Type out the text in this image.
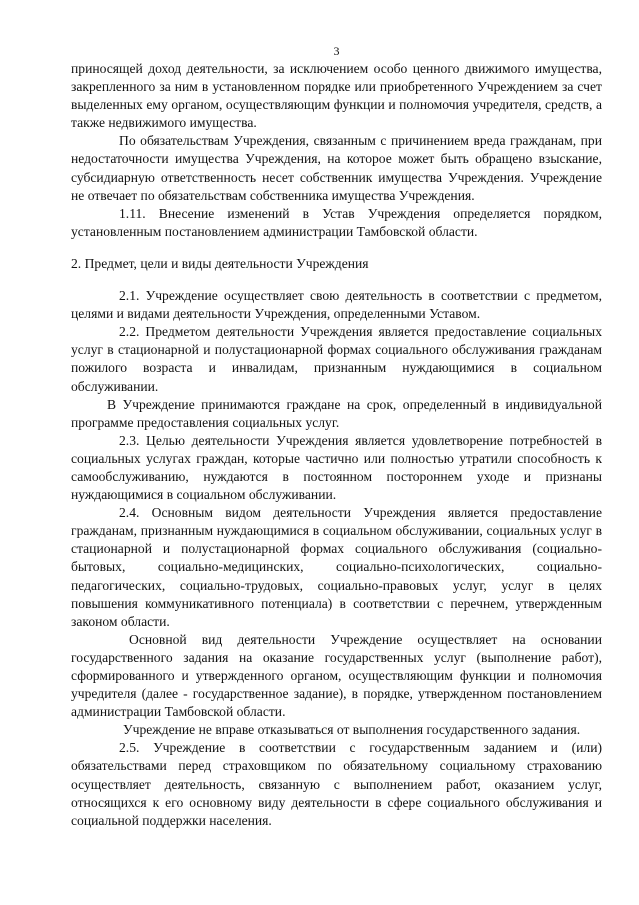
3

приносящей доход деятельности, за исключением особо ценного движимого имущества, закрепленного за ним в установленном порядке или приобретенного Учреждением за счет выделенных ему органом, осуществляющим функции и полномочия учредителя, средств, а также недвижимого имущества.

По обязательствам Учреждения, связанным с причинением вреда гражданам, при недостаточности имущества Учреждения, на которое может быть обращено взыскание, субсидиарную ответственность несет собственник имущества Учреждения. Учреждение не отвечает по обязательствам собственника имущества Учреждения.

1.11. Внесение изменений в Устав Учреждения определяется порядком, установленным постановлением администрации Тамбовской области.

2. Предмет, цели и виды деятельности Учреждения

2.1. Учреждение осуществляет свою деятельность в соответствии с предметом, целями и видами деятельности Учреждения, определенными Уставом.

2.2. Предметом деятельности Учреждения является предоставление социальных услуг в стационарной и полустационарной формах социального обслуживания гражданам пожилого возраста и инвалидам, признанным нуждающимися в социальном обслуживании.

В Учреждение принимаются граждане на срок, определенный в индивидуальной программе предоставления социальных услуг.

2.3. Целью деятельности Учреждения является удовлетворение потребностей в социальных услугах граждан, которые частично или полностью утратили способность к самообслуживанию, нуждаются в постоянном постороннем уходе и признаны нуждающимися в социальном обслуживании.

2.4. Основным видом деятельности Учреждения является предоставление гражданам, признанным нуждающимися в социальном обслуживании, социальных услуг в стационарной и полустационарной формах социального обслуживания (социально-бытовых, социально-медицинских, социально-психологических, социально-педагогических, социально-трудовых, социально-правовых услуг, услуг в целях повышения коммуникативного потенциала) в соответствии с перечнем, утвержденным законом области.

Основной вид деятельности Учреждение осуществляет на основании государственного задания на оказание государственных услуг (выполнение работ), сформированного и утвержденного органом, осуществляющим функции и полномочия учредителя (далее - государственное задание), в порядке, утвержденном постановлением администрации Тамбовской области.

Учреждение не вправе отказываться от выполнения государственного задания.

2.5. Учреждение в соответствии с государственным заданием и (или) обязательствами перед страховщиком по обязательному социальному страхованию осуществляет деятельность, связанную с выполнением работ, оказанием услуг, относящихся к его основному виду деятельности в сфере социального обслуживания и социальной поддержки населения.
